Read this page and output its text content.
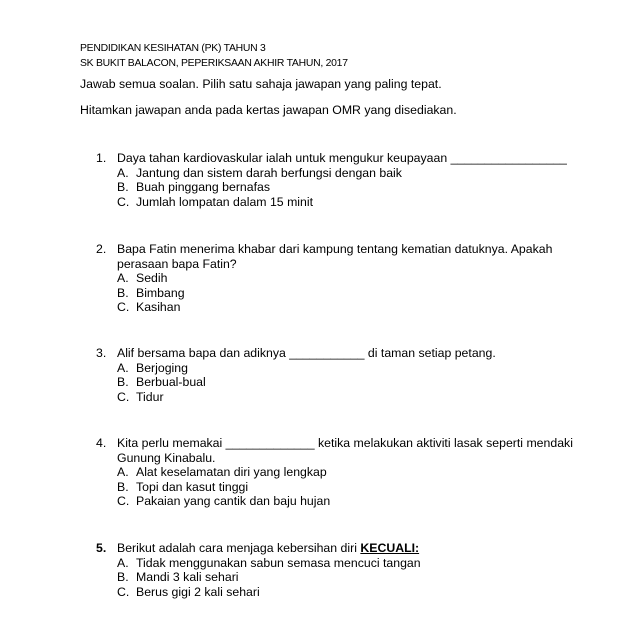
PENDIDIKAN KESIHATAN (PK) TAHUN 3
SK BUKIT BALACON, PEPERIKSAAN AKHIR TAHUN, 2017
Jawab semua soalan. Pilih satu sahaja jawapan yang paling tepat.
Hitamkan jawapan anda pada kertas jawapan OMR yang disediakan.
1. Daya tahan kardiovaskular ialah untuk mengukur keupayaan _________________
A. Jantung dan sistem darah berfungsi dengan baik
B. Buah pinggang bernafas
C. Jumlah lompatan dalam 15 minit
2. Bapa Fatin menerima khabar dari kampung tentang kematian datuknya. Apakah perasaan bapa Fatin?
A. Sedih
B. Bimbang
C. Kasihan
3. Alif bersama bapa dan adiknya ___________ di taman setiap petang.
A. Berjoging
B. Berbual-bual
C. Tidur
4. Kita perlu memakai _____________ ketika melakukan aktiviti lasak seperti mendaki Gunung Kinabalu.
A. Alat keselamatan diri yang lengkap
B. Topi dan kasut tinggi
C. Pakaian yang cantik dan baju hujan
5. Berikut adalah cara menjaga kebersihan diri KECUALI:
A. Tidak menggunakan sabun semasa mencuci tangan
B. Mandi 3 kali sehari
C. Berus gigi 2 kali sehari
